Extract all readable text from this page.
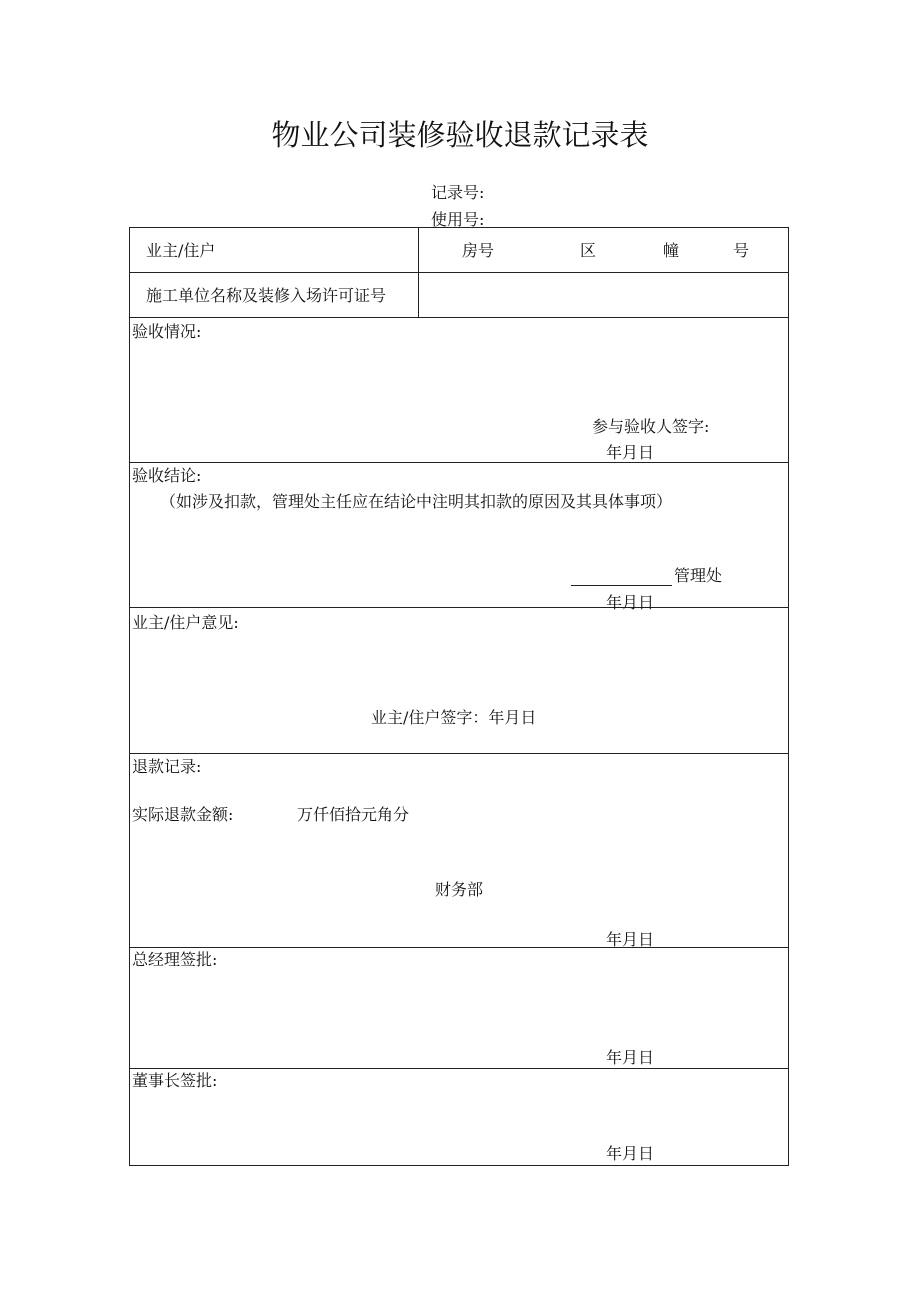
物业公司装修验收退款记录表
记录号:
使用号:
业主/住户	房号	区	幢	号
施工单位名称及装修入场许可证号
验收情况:
参与验收人签字:
年月日
验收结论:
（如涉及扣款，管理处主任应在结论中注明其扣款的原因及其具体事项）
管理处
年月日
业主/住户意见:
业主/住户签字：年月日
退款记录:
实际退款金额:	万仟佰拾元角分
财务部
年月日
总经理签批:
年月日
董事长签批:
年月日
